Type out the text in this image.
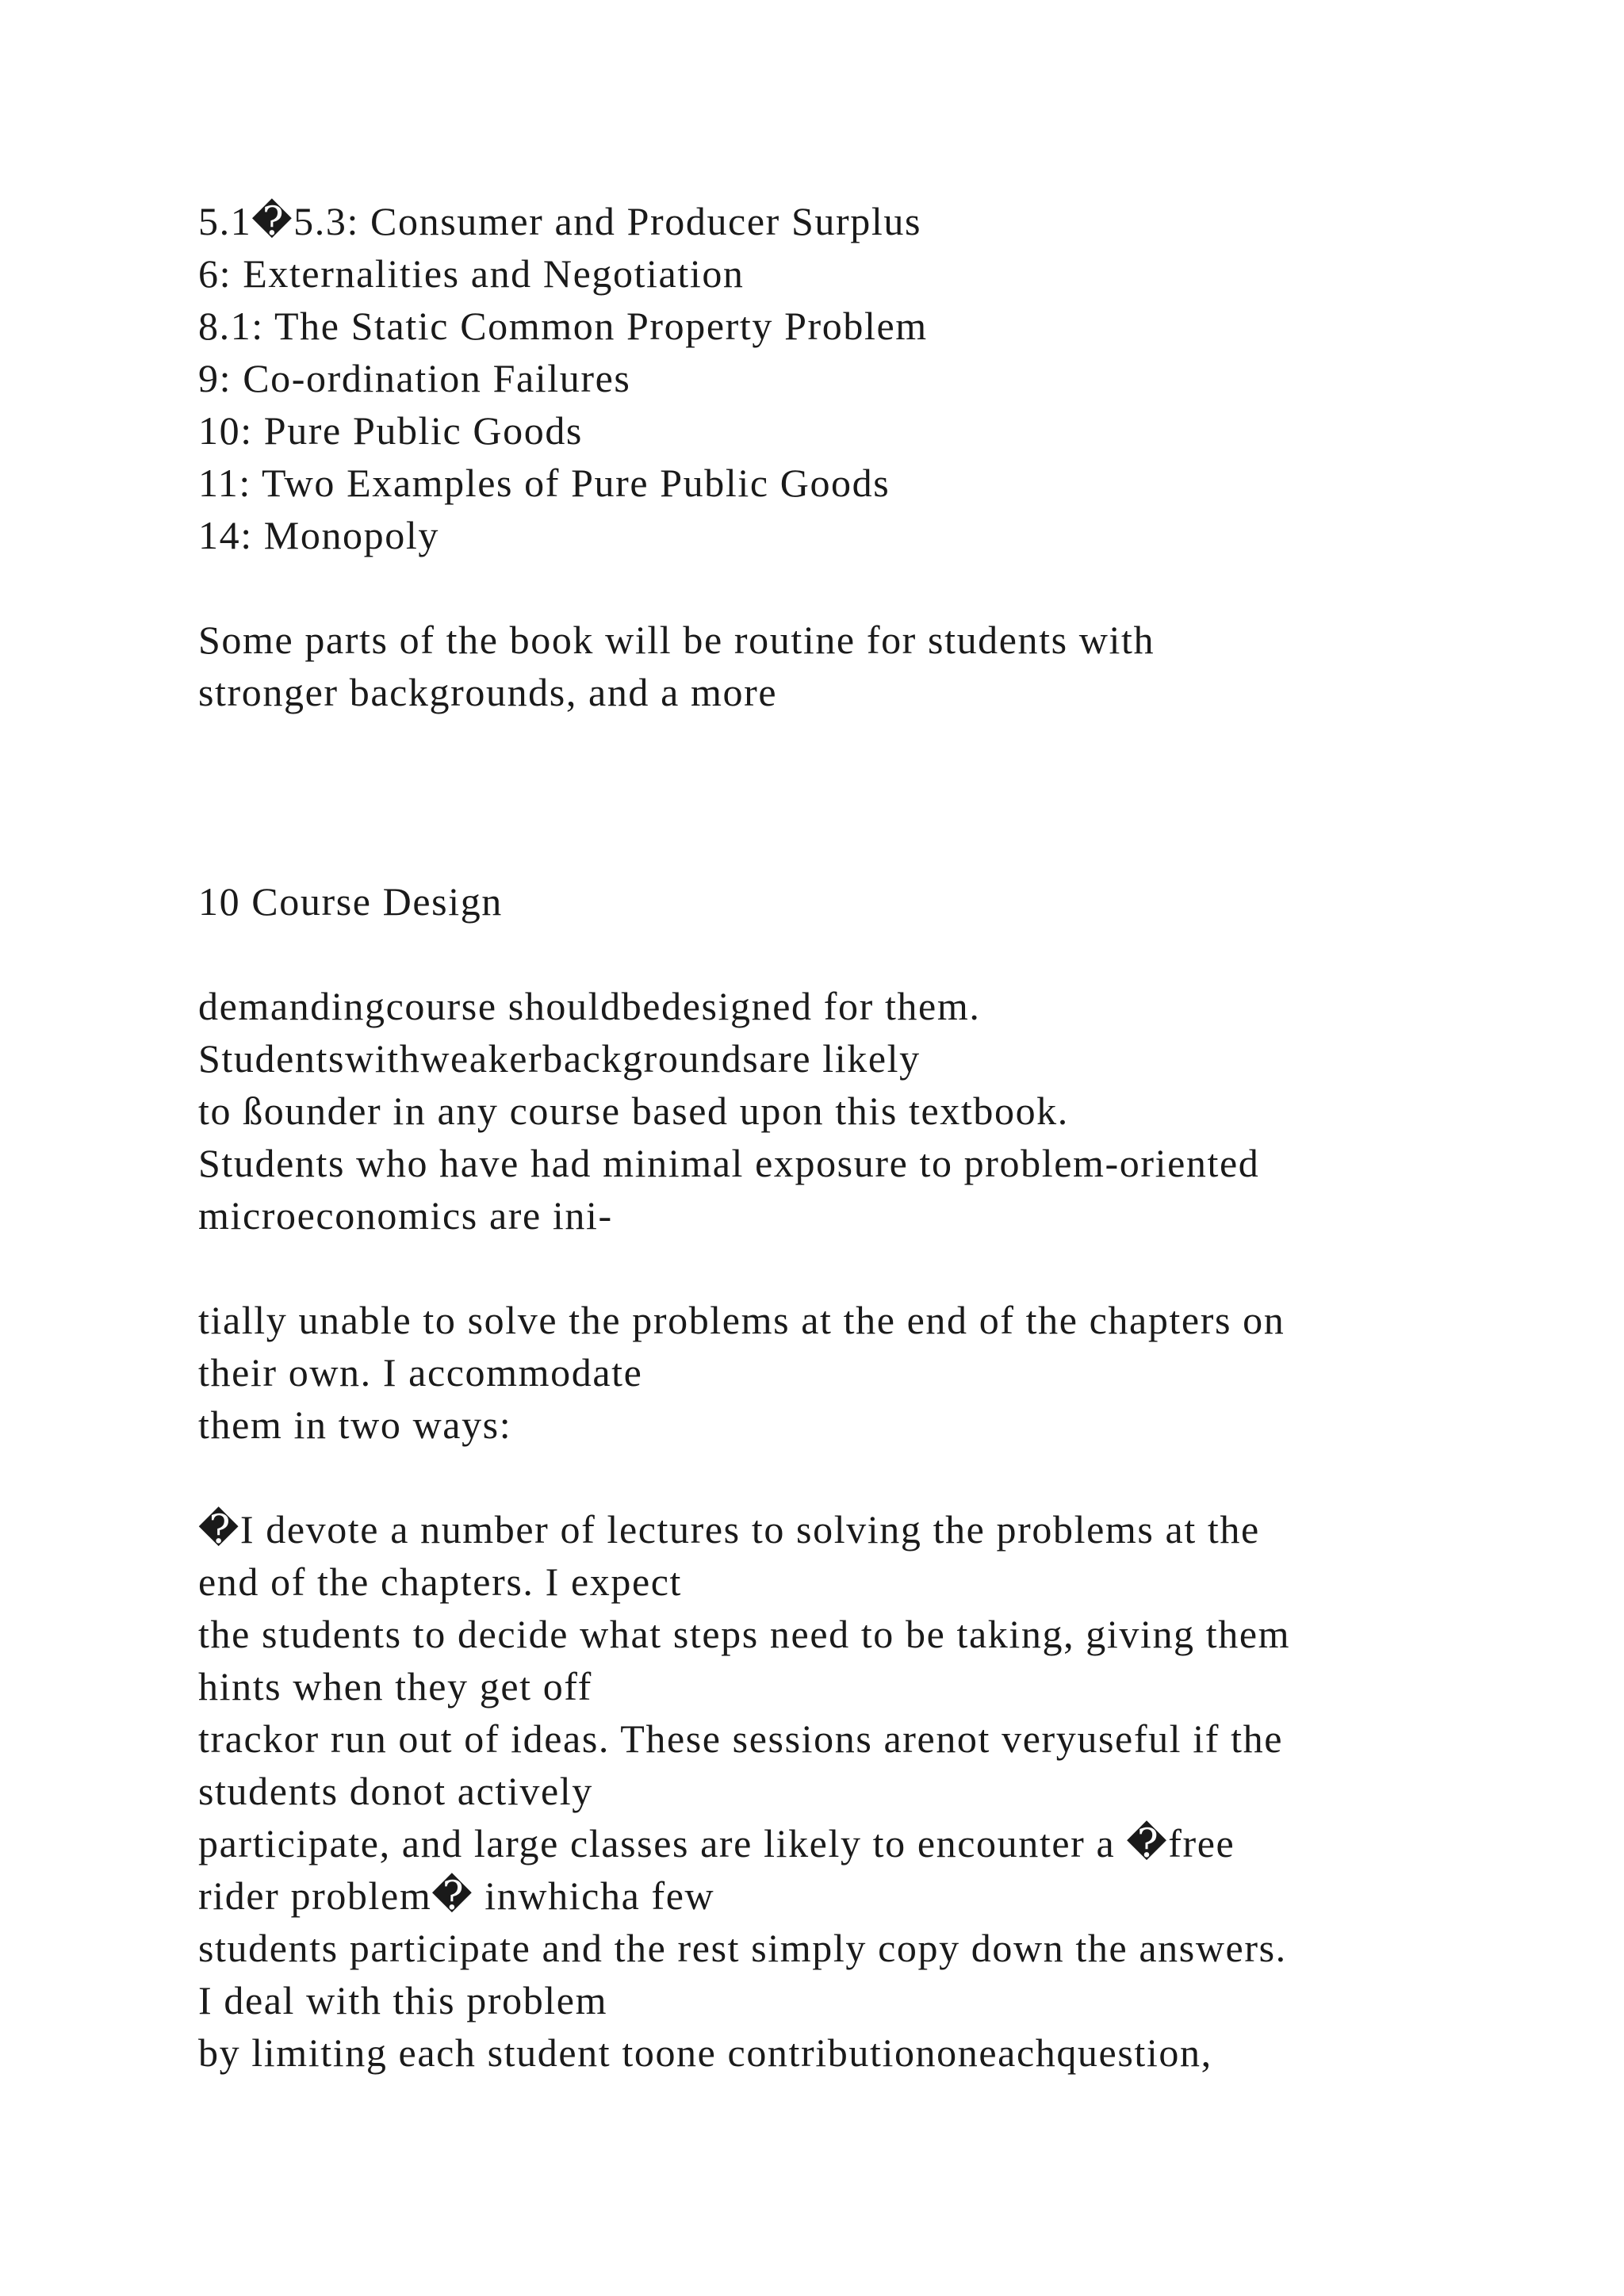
5.1�5.3: Consumer and Producer Surplus

6: Externalities and Negotiation

8.1: The Static Common Property Problem

9: Co-ordination Failures

10: Pure Public Goods

11: Two Examples of Pure Public Goods

14: Monopoly

Some parts of the book will be routine for students with

stronger backgrounds, and a more

10 Course Design

demandingcourse shouldbedesigned for them.

Studentswithweakerbackgroundsare likely

to ßounder in any course based upon this textbook.

Students who have had minimal exposure to problem-oriented

microeconomics are ini-

tially unable to solve the problems at the end of the chapters on

their own. I accommodate

them in two ways:

�I devote a number of lectures to solving the problems at the

end of the chapters. I expect

the students to decide what steps need to be taking, giving them

hints when they get off

trackor run out of ideas. These sessions arenot veryuseful if the

students donot actively

participate, and large classes are likely to encounter a �free

rider problem� inwhicha few

students participate and the rest simply copy down the answers.

I deal with this problem

by limiting each student toone contributiononeachquestion,
